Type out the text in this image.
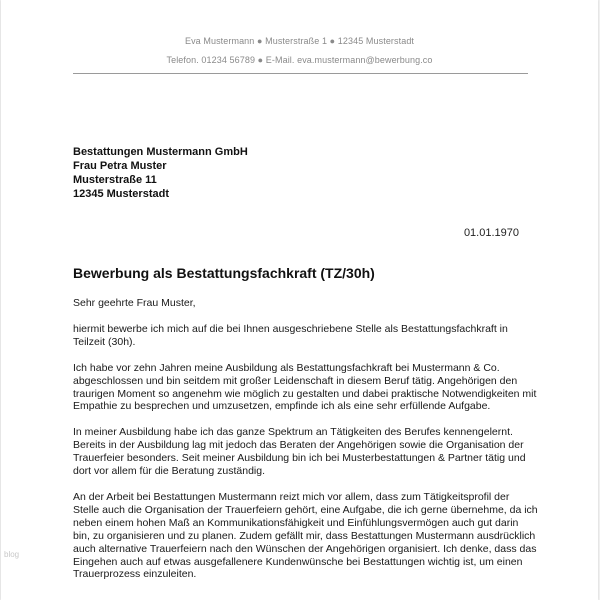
Eva Mustermann ● Musterstraße 1 ● 12345 Musterstadt
Telefon. 01234 56789 ● E-Mail. eva.mustermann@bewerbung.co
Bestattungen Mustermann GmbH
Frau Petra Muster
Musterstraße 11
12345 Musterstadt
01.01.1970
Bewerbung als Bestattungsfachkraft (TZ/30h)

Sehr geehrte Frau Muster,

hiermit bewerbe ich mich auf die bei Ihnen ausgeschriebene Stelle als Bestattungsfachkraft in Teilzeit (30h).

Ich habe vor zehn Jahren meine Ausbildung als Bestattungsfachkraft bei Mustermann & Co. abgeschlossen und bin seitdem mit großer Leidenschaft in diesem Beruf tätig. Angehörigen den traurigen Moment so angenehm wie möglich zu gestalten und dabei praktische Notwendigkeiten mit Empathie zu besprechen und umzusetzen, empfinde ich als eine sehr erfüllende Aufgabe.

In meiner Ausbildung habe ich das ganze Spektrum an Tätigkeiten des Berufes kennengelernt. Bereits in der Ausbildung lag mit jedoch das Beraten der Angehörigen sowie die Organisation der Trauerfeier besonders. Seit meiner Ausbildung bin ich bei Musterbestattungen & Partner tätig und dort vor allem für die Beratung zuständig.

An der Arbeit bei Bestattungen Mustermann reizt mich vor allem, dass zum Tätigkeitsprofil der Stelle auch die Organisation der Trauerfeiern gehört, eine Aufgabe, die ich gerne übernehme, da ich neben einem hohen Maß an Kommunikationsfähigkeit und Einfühlungsvermögen auch gut darin bin, zu organisieren und zu planen. Zudem gefällt mir, dass Bestattungen Mustermann ausdrücklich auch alternative Trauerfeiern nach den Wünschen der Angehörigen organisiert. Ich denke, dass das Eingehen auch auf etwas ausgefallenere Kundenwünsche bei Bestattungen wichtig ist, um einen Trauerprozess einzuleiten.

blog
